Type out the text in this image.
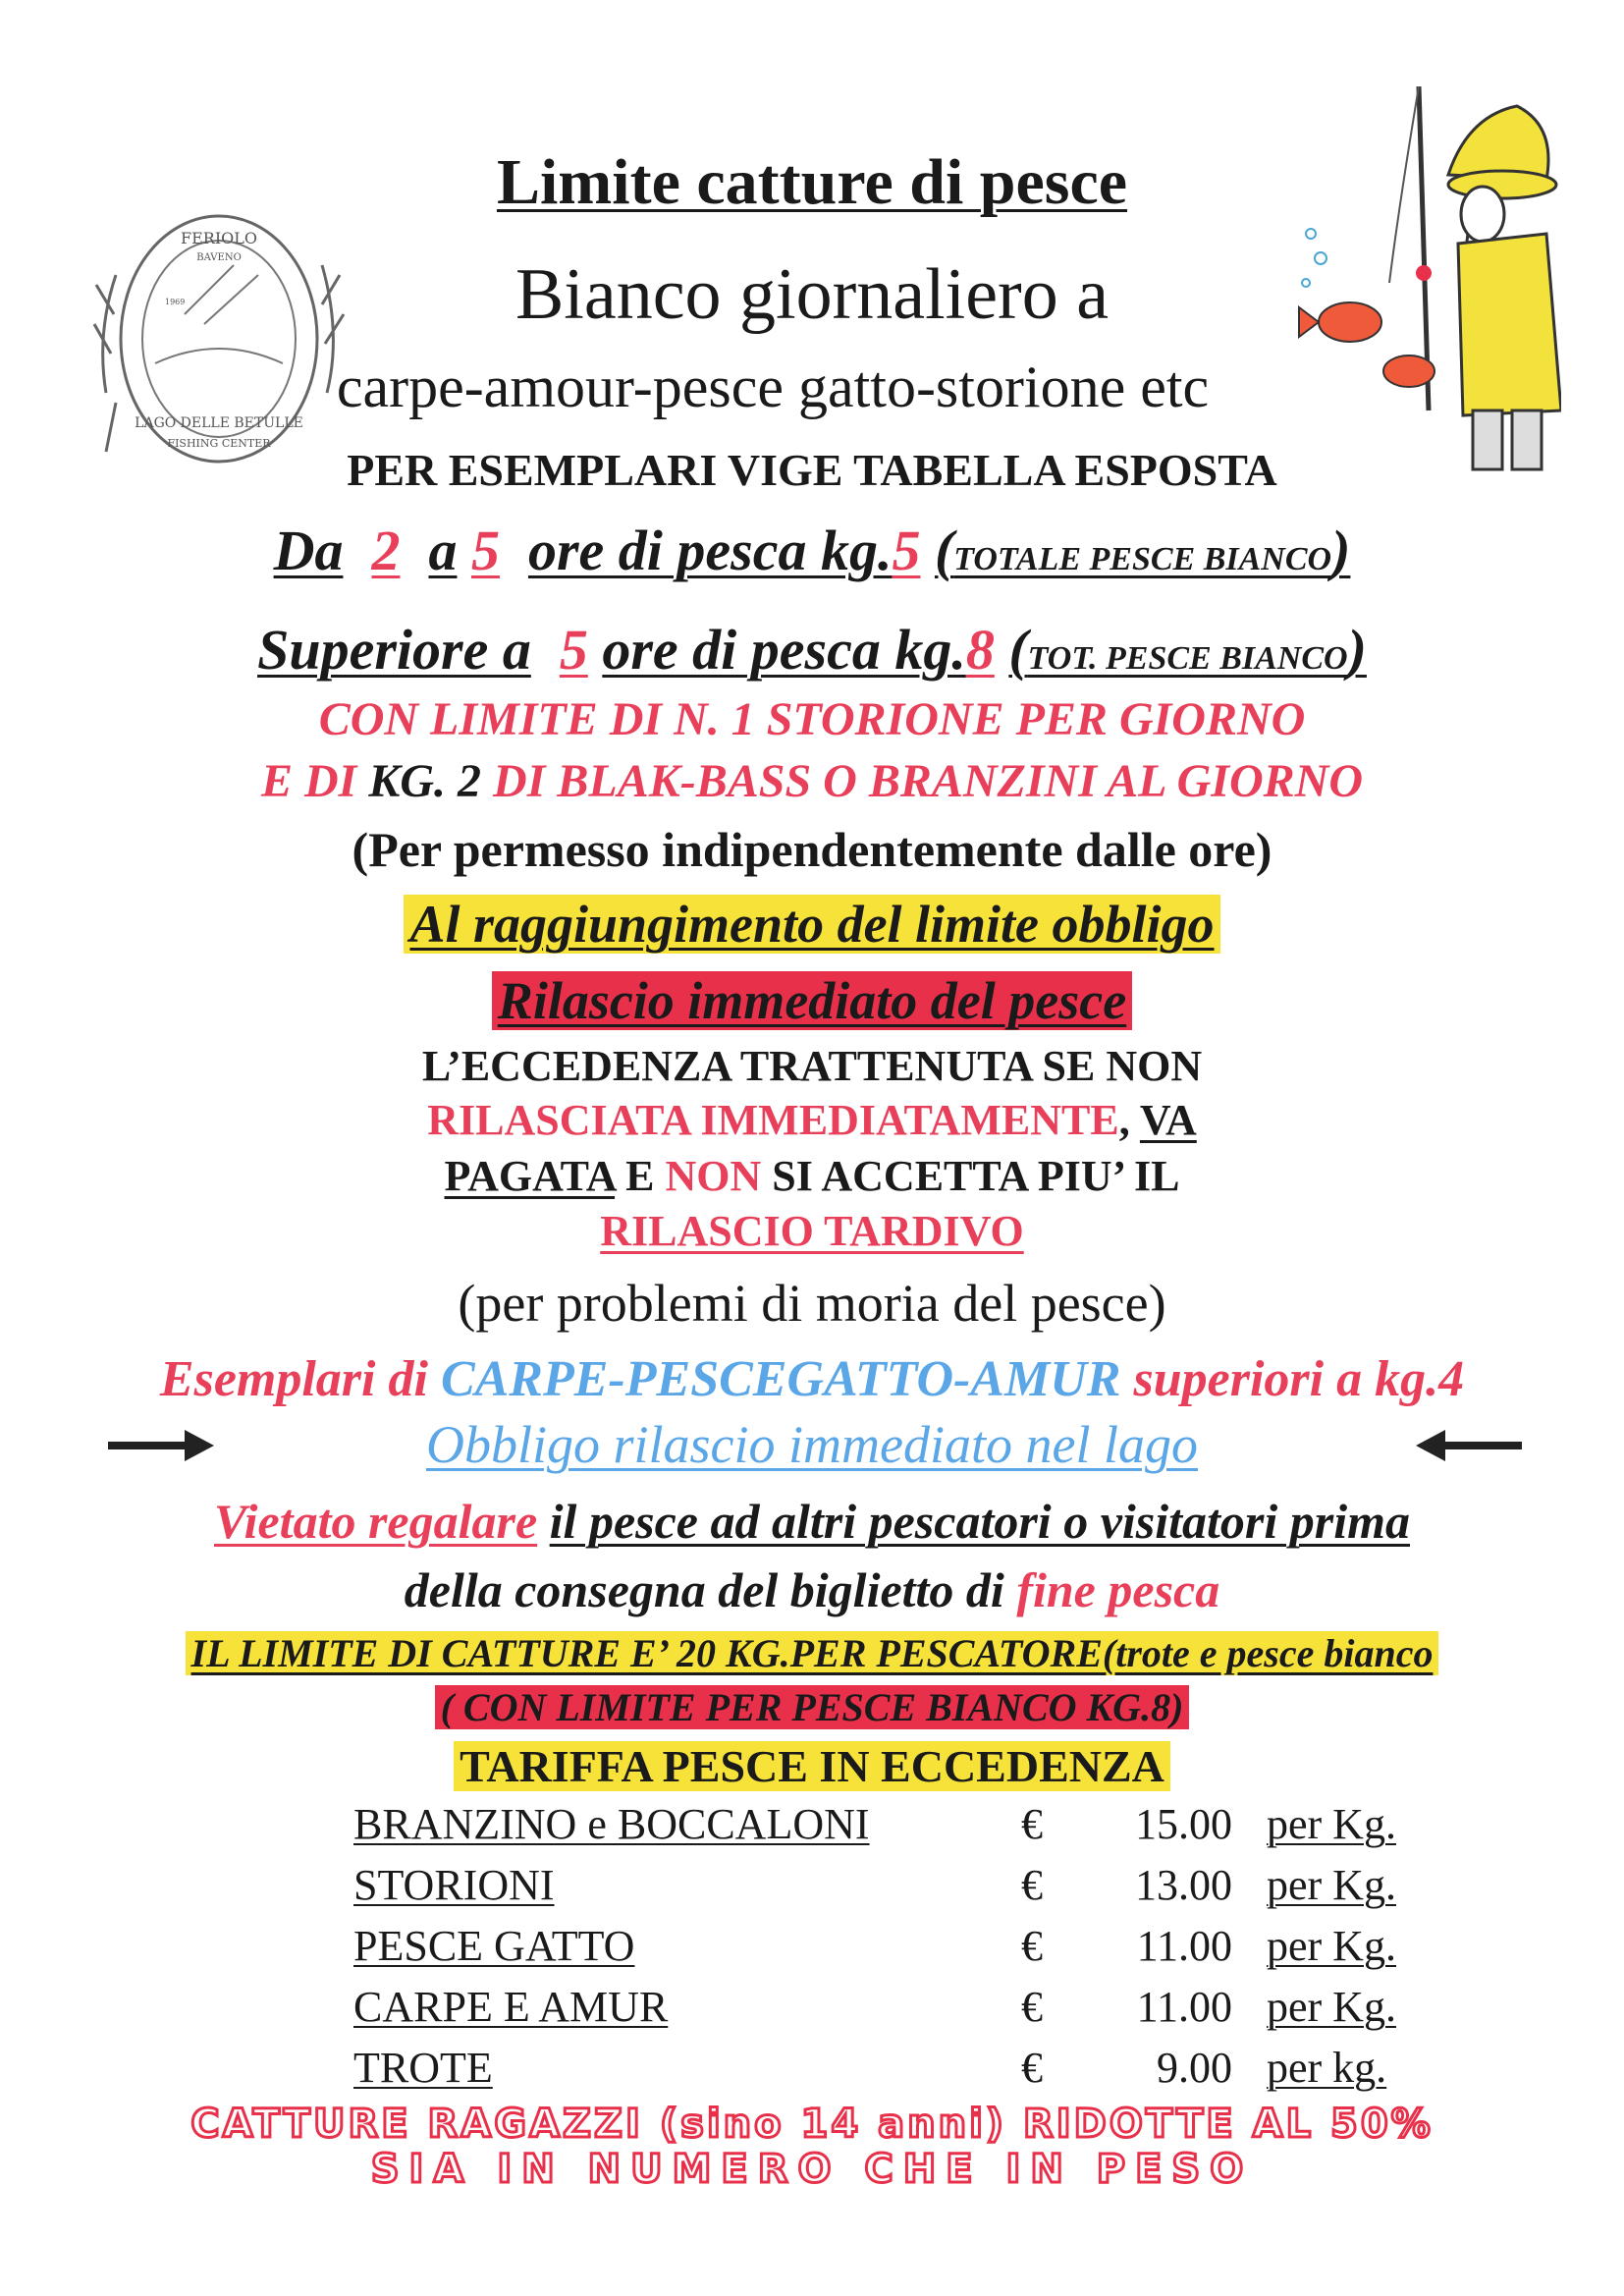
FERIOLO
BAVENO
1969
LAGO DELLE BETULLE
FISHING CENTER
Limite catture di pesce
Bianco giornaliero a
carpe-amour-pesce gatto-storione etc
PER ESEMPLARI VIGE TABELLA ESPOSTA
Da 2 a 5 ore di pesca kg.5 (TOTALE PESCE BIANCO)
Superiore a 5 ore di pesca kg.8 (TOT. PESCE BIANCO)
CON LIMITE DI N. 1 STORIONE PER GIORNO
E DI KG. 2 DI BLAK-BASS O BRANZINI AL GIORNO
(Per permesso indipendentemente dalle ore)
Al raggiungimento del limite obbligo
Rilascio immediato del pesce
L’ECCEDENZA TRATTENUTA SE NON
RILASCIATA IMMEDIATAMENTE, VA
PAGATA E NON SI ACCETTA PIU’ IL
RILASCIO TARDIVO
(per problemi di moria del pesce)
Esemplari di CARPE-PESCEGATTO-AMUR superiori a kg.4
Obbligo rilascio immediato nel lago
Vietato regalare il pesce ad altri pescatori o visitatori prima
della consegna del biglietto di fine pesca
IL LIMITE DI CATTURE E’ 20 KG.PER PESCATORE(trote e pesce bianco
( CON LIMITE PER PESCE BIANCO KG.8)
TARIFFA PESCE IN ECCEDENZA
BRANZINO e BOCCALONI	€	15.00 per Kg.
STORIONI	€	13.00 per Kg.
PESCE GATTO	€	11.00 per Kg.
CARPE E AMUR	€	11.00 per Kg.
TROTE	€	9.00 per kg.
CATTURE RAGAZZI (sino 14 anni) RIDOTTE AL 50%
SIA IN NUMERO CHE IN PESO
